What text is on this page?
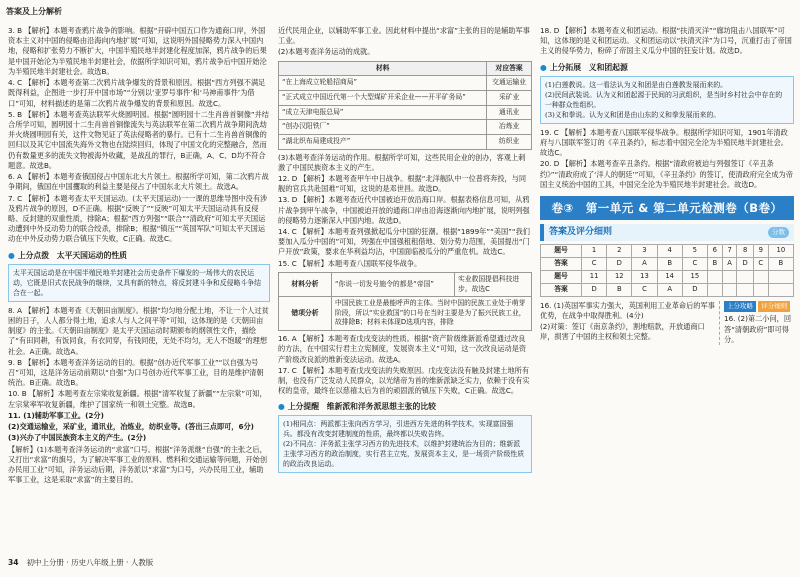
答案及上分解析

3. B 【解析】本题考查鸦片战争的影响。根据“开辟中国五口作为通商口岸，外国资本主义对中国的侵略由沿海向内地扩展”可知，这说明外国侵略势力深入中国内地，侵略和扩张势力不断扩大，中国半殖民地半封建化程度加深，鸦片战争的后果是中国开始沦为半殖民地半封建社会，依据所学知识可知，鸦片战争后中国开始沦为半殖民地半封建社会。故选B。

4. C 【解析】本题考查第二次鸦片战争爆发的背景和原因。根据“西方列强不满足既得利益，企图进一步打开中国市场”“分别以‘亚罗号事件’和‘马神甫事件’为借口”可知，材料描述的是第二次鸦片战争爆发的背景和原因。故选C。

5. B 【解析】本题考查英法联军火烧圆明园。根据“圆明园十二生肖兽首铜像”并结合所学可知，圆明园十二生肖兽首铜像流失与英法联军在第二次鸦片战争期间洗劫并火烧圆明园有关，这件文物见证了英法侵略者的暴行。已有十二生肖兽首铜像的回归以及其它中国流失海外文物也在陆续回归，体现了中国文化的完整融合，然而仍有数量更多的流失文物被海外收藏，是战乱的罪行，B正确，A、C、D均不符合题意。故选B。

6. A 【解析】本题考查俄国侵占中国东北大片领土。根据所学可知，第二次鸦片战争期间，俄国在中国攫取的利益主要是侵占了中国东北大片领土。故选A。

7. C 【解析】本题考查太平天国运动。(太平天国运动)一一课的思维导图中没有涉及鸦片战争的原因，D不正确。根据“反映了”“反映”可知太平天国运动具有反侵略、反封建的双重性质，排除A；根据“西方列强”“联合”“清政府”可知太平天国运动遭到中外反动势力的联合绞杀，排除B；根据“镇压”“英国军队”可知太平天国运动在中外反动势力联合镇压下失败，C正确。故选C。

● 上分点拨　太平天国运动的性质
太平天国运动是在中国半殖民地半封建社会历史条件下爆发的一场伟大的农民运动，它既是旧式农民战争的继续，又具有新的特点，将反封建斗争和反侵略斗争结合在一起。

8. A 【解析】本题考查《天朝田亩制度》。根据“均匀地分配土地，不让一个人过贫困的日子，人人都分得土地，追求人与人之间平等”可知，这体现的是《天朝田亩制度》的主张。《天朝田亩制度》是太平天国运动时期颁布的纲领性文件，描绘了“有田同耕，有饭同食，有衣同穿，有钱同使，无处不均匀，无人不饱暖”的理想社会。A正确。故选A。

9. B 【解析】本题考查洋务运动的目的。根据“创办近代军事工业”“以自强为号召”可知，这是洋务运动前期以“自强”为口号创办近代军事工业，目的是维护清朝统治。B正确。故选B。

10. B 【解析】本题考查左宗棠收复新疆。根据“清军收复了新疆”“左宗棠”可知，左宗棠率军收复新疆，维护了国家统一和领土完整。故选B。

11. (1)辅助军事工业。(2分)

(2)交通运输业，采矿业，通讯业，冶炼业，纺织业等。(答出三点即可，6分)

(3)兴办了中国民族资本主义的产生。(2分)

【解析】(1)本题考查洋务运动的“求富”口号。根据“洋务派继“自强”的主张之后，又打出“求富”的旗号，为了解决军事工业的原料、燃料和交通运输等问题，开始创办民用工业”可知，洋务运动后期，洋务派以“求富”为口号，兴办民用工业，辅助军事工业，这是采取“求富”的主要目的。

近代民用企业，以辅助军事工业。因此材料中提出“求富”主张的目的是辅助军事工业。

(2)本题考查洋务运动的成就。

材料	对应答案
“在上海成立轮船招商局”	交通运输业
“正式成立中国近代第一个大型煤矿开采企业——开平矿务局”	采矿业
“成立天津电报总局”	通讯业
“创办汉阳铁厂”	冶炼业
“湖北织布局建成投产”	纺织业

(3)本题考查洋务运动的作用。根据所学可知，这些民用企业的创办，客观上刺激了中国民族资本主义的产生。

12. D 【解析】本题考查甲午中日战争。根据“北洋舰队中一位普将奔投，与同舰的官兵共赴国难”可知，这说的是邓世昌。故选D。

13. D 【解析】本题考查近代中国被迫开放沿海口岸。根据表格信息可知，从鸦片战争到甲午战争，中国被迫开放的通商口岸由沿海逐渐向内地扩展，说明列强的侵略势力逐渐深入中国内地。故选D。

14. C 【解析】本题考查列强掀起瓜分中国的狂潮。根据“1899年”“美国”“我们要加入瓜分中国的”可知，列强在中国强租租借地、划分势力范围，美国提出“门户开放”政策，要求在华利益均沾，中国面临被瓜分的严重危机。故选C。

15. C 【解析】本题考查八国联军侵华战争。

材料分析	“你说一切发号施令的都是“帝国”	实业救国提倡科技进步。故选C
错项分析	中国民族工业是最能呼声的主体。当时中国的民族工业处于萌芽阶段，所以“实业救国”的口号在当时主要是为了振兴民族工业，故排除B；材料未体现D选项内容，排除	

16. A 【解析】本题考查戊戌变法的性质。根据“资产阶级维新派希望通过改良的方法，在中国实行君主立宪制度，发展资本主义”可知，这一次改良运动是资产阶级改良派的维新变法运动。故选A。

17. C 【解析】本题考查戊戌变法的失败原因。戊戌变法没有触及封建土地所有制，也没有广泛发动人民群众，以光绪帝为首的维新派缺乏实力，依赖于没有实权的皇帝，最终在以慈禧太后为首的顽固派的镇压下失败，C正确。故选C。

● 上分提醒　维新派和洋务派思想主张的比较
(1)相同点：两派都主张向西方学习，引进西方先进的科学技术，实现富国强兵。都没有改变封建制度的性质，最终都以失败告终。
(2)不同点：洋务派主张学习西方的先进技术，以维护封建统治为目的；维新派主张学习西方的政治制度，实行君主立宪，发展资本主义，是一场资产阶级性质的政治改良运动。

18. D 【解析】本题考查义和团运动。根据“扶清灭洋”“廊坊阻击八国联军”可知，这体现的是义和团运动。义和团运动以“扶清灭洋”为口号，沉重打击了帝国主义的侵华势力，粉碎了帝国主义瓜分中国的狂妄计划。故选D。

● 上分拓展　义和团起源
(1)白莲教说。这一看法认为义和团是由白莲教发展而来的。
(2)民间武装说。认为义和团起源于民间的习武组织，是当时乡村社会中存在的一种群众性组织。
(3)义和拳说。认为义和团是由山东的义和拳发展而来的。

19. C 【解析】本题考查八国联军侵华战争。根据所学知识可知，1901年清政府与八国联军签订的《辛丑条约》，标志着中国完全沦为半殖民地半封建社会。故选C。

20. D 【解析】本题考查辛丑条约。根据“清政府被迫与列强签订《辛丑条约》”“清政府成了‘洋人的朝廷’”可知，《辛丑条约》的签订，使清政府完全成为帝国主义统治中国的工具，中国完全沦为半殖民地半封建社会。故选D。

卷③　第一单元 & 第二单元检测卷（B卷）
答案及评分细则	分数
题号	1	2	3	4	5	6	7	8	9	10
答案	C	D	A	B	C	B	A	D	C	B
题号	11	12	13	14	15					
答案	D	B	C	A	D					
16. (1)英国军事实力强大，英国利用工业革命后的军事优势，在战争中取得胜利。(4分)
(2)对策：签订《南京条约》，割地赔款，开放通商口岸，损害了中国的主权和领土完整。
上分攻略 评分细则
16. (2)第二小问，回答“清朝政府”即可得分。
34 初中上分册 · 历史八年级上册 · 人教版
